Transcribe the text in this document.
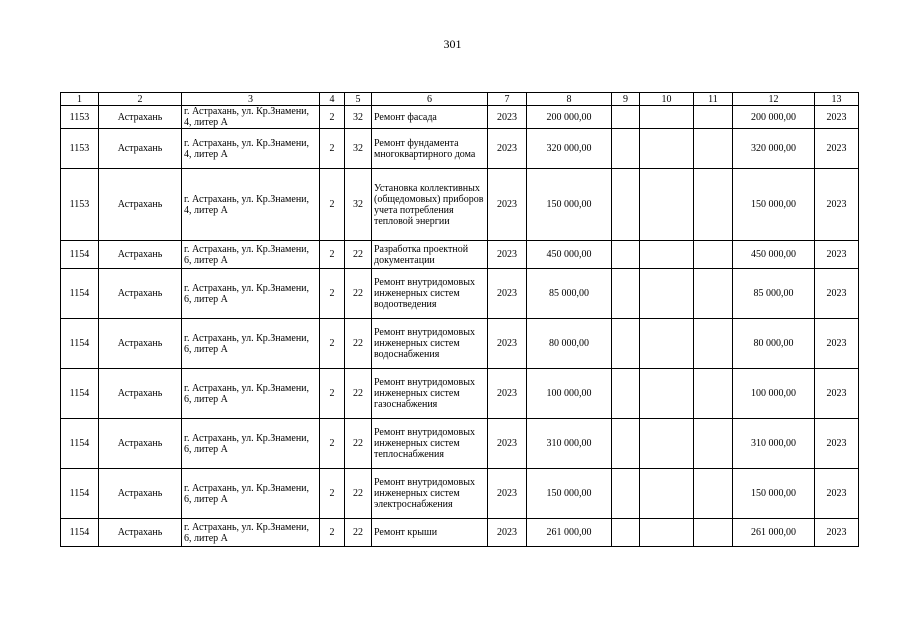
301
1	2	3	4	5	6	7	8	9	10	11	12	13
1153	Астрахань	г. Астрахань, ул. Кр.Знамени, 4, литер А	2	32	Ремонт фасада	2023	200 000,00				200 000,00	2023
1153	Астрахань	г. Астрахань, ул. Кр.Знамени, 4, литер А	2	32	Ремонт фундамента многоквартирного дома	2023	320 000,00				320 000,00	2023
1153	Астрахань	г. Астрахань, ул. Кр.Знамени, 4, литер А	2	32	Установка коллективных (общедомовых) приборов учета потребления тепловой энергии	2023	150 000,00				150 000,00	2023
1154	Астрахань	г. Астрахань, ул. Кр.Знамени, 6, литер А	2	22	Разработка проектной документации	2023	450 000,00				450 000,00	2023
1154	Астрахань	г. Астрахань, ул. Кр.Знамени, 6, литер А	2	22	Ремонт внутридомовых инженерных систем водоотведения	2023	85 000,00				85 000,00	2023
1154	Астрахань	г. Астрахань, ул. Кр.Знамени, 6, литер А	2	22	Ремонт внутридомовых инженерных систем водоснабжения	2023	80 000,00				80 000,00	2023
1154	Астрахань	г. Астрахань, ул. Кр.Знамени, 6, литер А	2	22	Ремонт внутридомовых инженерных систем газоснабжения	2023	100 000,00				100 000,00	2023
1154	Астрахань	г. Астрахань, ул. Кр.Знамени, 6, литер А	2	22	Ремонт внутридомовых инженерных систем теплоснабжения	2023	310 000,00				310 000,00	2023
1154	Астрахань	г. Астрахань, ул. Кр.Знамени, 6, литер А	2	22	Ремонт внутридомовых инженерных систем электроснабжения	2023	150 000,00				150 000,00	2023
1154	Астрахань	г. Астрахань, ул. Кр.Знамени, 6, литер А	2	22	Ремонт крыши	2023	261 000,00				261 000,00	2023
